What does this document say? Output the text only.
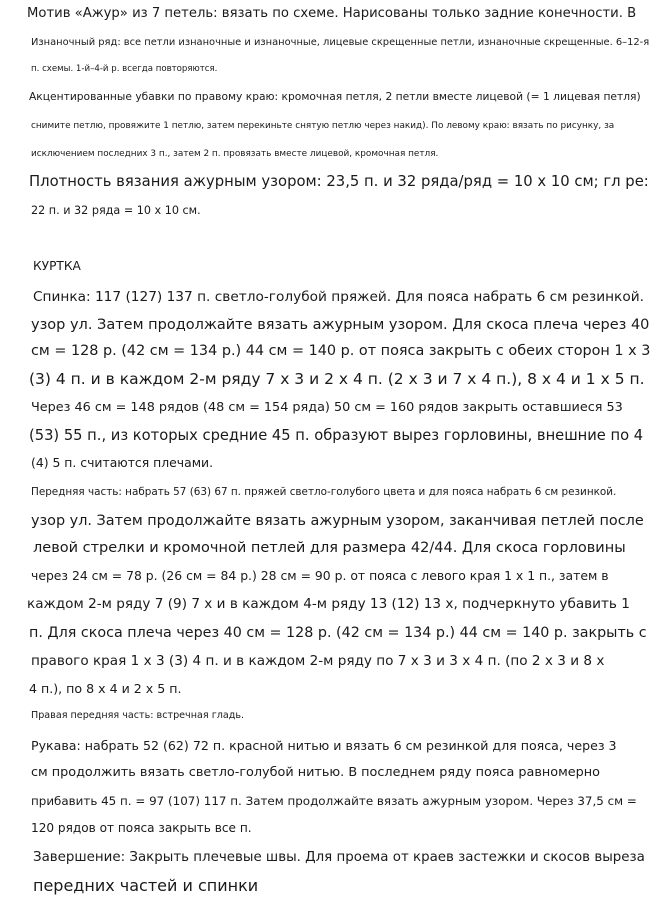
Мотив «Ажур» из 7 петель: вязать по схеме. Нарисованы только задние конечности. В
Изнаночный ряд: все петли изнаночные и изнаночные, лицевые скрещенные петли, изнаночные скрещенные. 6–12-я
п. схемы. 1-й–4-й р. всегда повторяются.
Акцентированные убавки по правому краю: кромочная петля, 2 петли вместе лицевой (= 1 лицевая петля)
снимите петлю, провяжите 1 петлю, затем перекиньте снятую петлю через накид). По левому краю: вязать по рисунку, за
исключением последних 3 п., затем 2 п. провязать вместе лицевой, кромочная петля.
Плотность вязания ажурным узором: 23,5 п. и 32 ряда/ряд = 10 x 10 см; гл ре:
22 п. и 32 ряда = 10 x 10 см.
КУРТКА
Спинка: 117 (127) 137 п. светло-голубой пряжей. Для пояса набрать 6 см резинкой.
узор ул. Затем продолжайте вязать ажурным узором. Для скоса плеча через 40
см = 128 р. (42 см = 134 р.) 44 см = 140 р. от пояса закрыть с обеих сторон 1 x 3
(3) 4 п. и в каждом 2-м ряду 7 x 3 и 2 x 4 п. (2 x 3 и 7 x 4 п.), 8 x 4 и 1 x 5 п.
Через 46 см = 148 рядов (48 см = 154 ряда) 50 см = 160 рядов закрыть оставшиеся 53
(53) 55 п., из которых средние 45 п. образуют вырез горловины, внешние по 4
(4) 5 п. считаются плечами.
Передняя часть: набрать 57 (63) 67 п. пряжей светло-голубого цвета и для пояса набрать 6 см резинкой.
узор ул. Затем продолжайте вязать ажурным узором, заканчивая петлей после
левой стрелки и кромочной петлей для размера 42/44. Для скоса горловины
через 24 см = 78 р. (26 см = 84 р.) 28 см = 90 р. от пояса с левого края 1 x 1 п., затем в
каждом 2-м ряду 7 (9) 7 x и в каждом 4-м ряду 13 (12) 13 x, подчеркнуто убавить 1
п. Для скоса плеча через 40 см = 128 р. (42 см = 134 р.) 44 см = 140 р. закрыть с
правого края 1 x 3 (3) 4 п. и в каждом 2-м ряду по 7 x 3 и 3 x 4 п. (по 2 x 3 и 8 x
4 п.), по 8 x 4 и 2 x 5 п.
Правая передняя часть: встречная гладь.
Рукава: набрать 52 (62) 72 п. красной нитью и вязать 6 см резинкой для пояса, через 3
см продолжить вязать светло-голубой нитью. В последнем ряду пояса равномерно
прибавить 45 п. = 97 (107) 117 п. Затем продолжайте вязать ажурным узором. Через 37,5 см =
120 рядов от пояса закрыть все п.
Завершение: Закрыть плечевые швы. Для проема от краев застежки и скосов выреза
передних частей и спинки
